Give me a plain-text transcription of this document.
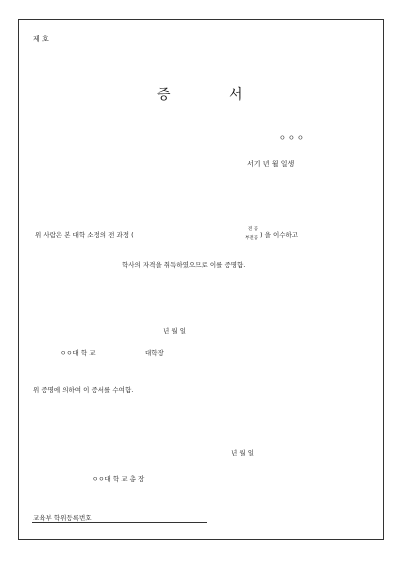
제 호
증	서
ㅇ ㅇ ㅇ
서기 년 월 일생
위 사람은 본 대학 소정의 전 과정 (
전 공
부전공 ) 을 이수하고
학사의 자격을 취득하였으므로 이를 증명함.
년 월 일
ㅇㅇ대 학 교	대학장
위 증명에 의하여 이 증서를 수여함.
년 월 일
ㅇㅇ대 학 교 총 장
교육부 학위등록번호
